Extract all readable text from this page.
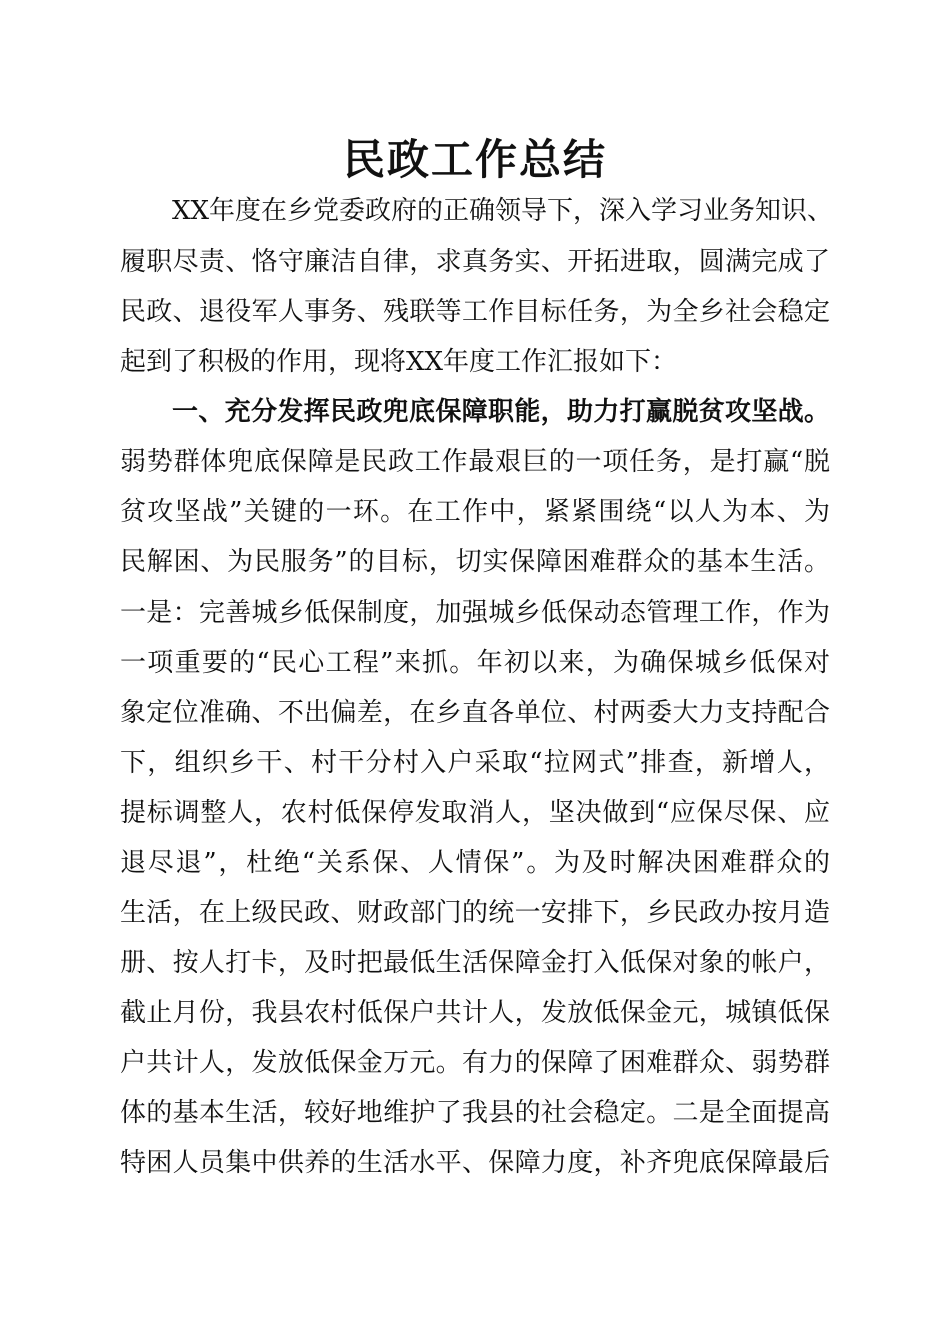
民政工作总结
XX年度在乡党委政府的正确领导下，深入学习业务知识、
履职尽责、恪守廉洁自律，求真务实、开拓进取，圆满完成了
民政、退役军人事务、残联等工作目标任务，为全乡社会稳定
起到了积极的作用，现将XX年度工作汇报如下：
一、充分发挥民政兜底保障职能，助力打赢脱贫攻坚战。
弱势群体兜底保障是民政工作最艰巨的一项任务，是打赢“脱
贫攻坚战”关键的一环。在工作中，紧紧围绕“以人为本、为
民解困、为民服务”的目标，切实保障困难群众的基本生活。
一是：完善城乡低保制度，加强城乡低保动态管理工作，作为
一项重要的“民心工程”来抓。年初以来，为确保城乡低保对
象定位准确、不出偏差，在乡直各单位、村两委大力支持配合
下，组织乡干、村干分村入户采取“拉网式”排查，新增人，
提标调整人，农村低保停发取消人，坚决做到“应保尽保、应
退尽退”，杜绝“关系保、人情保”。为及时解决困难群众的
生活，在上级民政、财政部门的统一安排下，乡民政办按月造
册、按人打卡，及时把最低生活保障金打入低保对象的帐户，
截止月份，我县农村低保户共计人，发放低保金元，城镇低保
户共计人，发放低保金万元。有力的保障了困难群众、弱势群
体的基本生活，较好地维护了我县的社会稳定。二是全面提高
特困人员集中供养的生活水平、保障力度，补齐兜底保障最后
